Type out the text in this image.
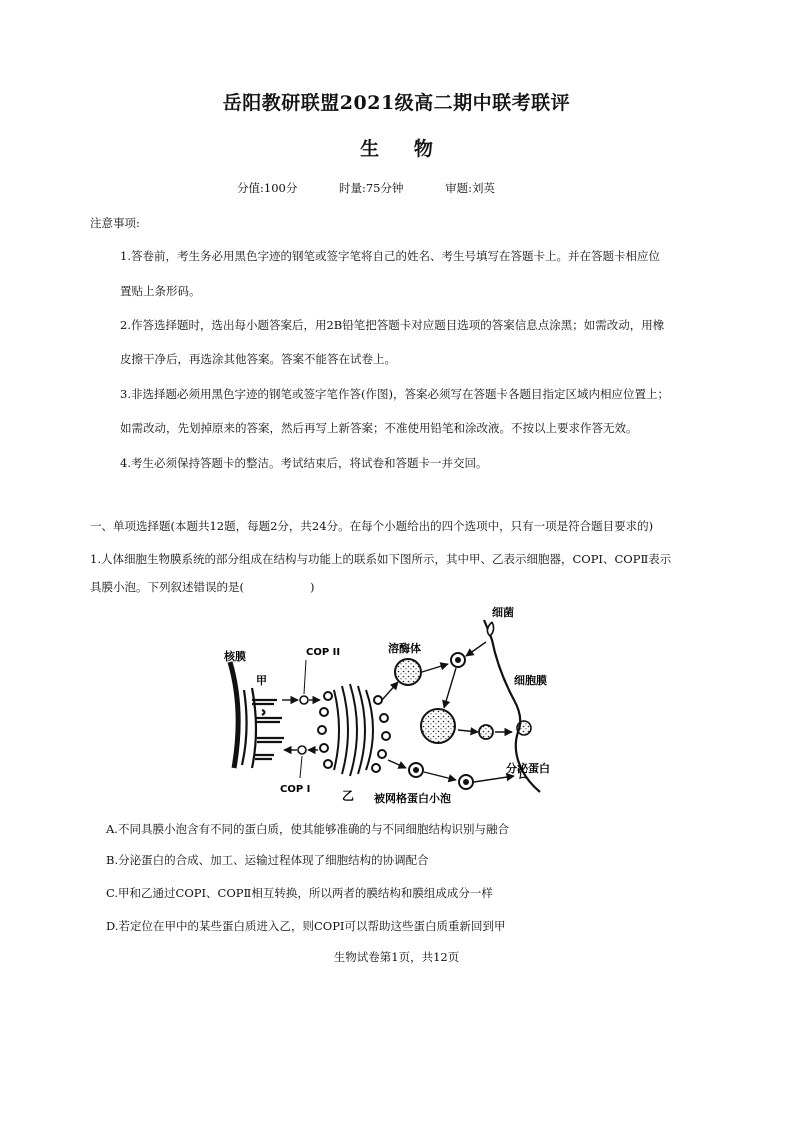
岳阳教研联盟2021级高二期中联考联评
生 物
分值:100分	时量:75分钟	审题:刘英
注意事项:
1.答卷前，考生务必用黑色字迹的钢笔或签字笔将自己的姓名、考生号填写在答题卡上。并在答题卡相应位
置贴上条形码。
2.作答选择题时，选出每小题答案后，用2B铅笔把答题卡对应题目选项的答案信息点涂黑；如需改动，用橡
皮擦干净后，再选涂其他答案。答案不能答在试卷上。
3.非选择题必须用黑色字迹的钢笔或签字笔作答(作图)，答案必须写在答题卡各题目指定区域内相应位置上；
如需改动，先划掉原来的答案，然后再写上新答案；不准使用铅笔和涂改液。不按以上要求作答无效。
4.考生必须保持答题卡的整洁。考试结束后，将试卷和答题卡一并交回。
一、单项选择题(本题共12题，每题2分，共24分。在每个小题给出的四个选项中，只有一项是符合题目要求的)
1.人体细胞生物膜系统的部分组成在结构与功能上的联系如下图所示，其中甲、乙表示细胞器，COPI、COPⅡ表示
具膜小泡。下列叙述错误的是(	)
核膜
甲
COP II
COP I	乙
溶酶体
细菌
细胞膜
分泌蛋白
被网格蛋白小泡
A.不同具膜小泡含有不同的蛋白质，使其能够准确的与不同细胞结构识别与融合
B.分泌蛋白的合成、加工、运输过程体现了细胞结构的协调配合
C.甲和乙通过COPⅠ、COPⅡ相互转换，所以两者的膜结构和膜组成成分一样
D.若定位在甲中的某些蛋白质进入乙，则COPI可以帮助这些蛋白质重新回到甲
生物试卷第1页，共12页
